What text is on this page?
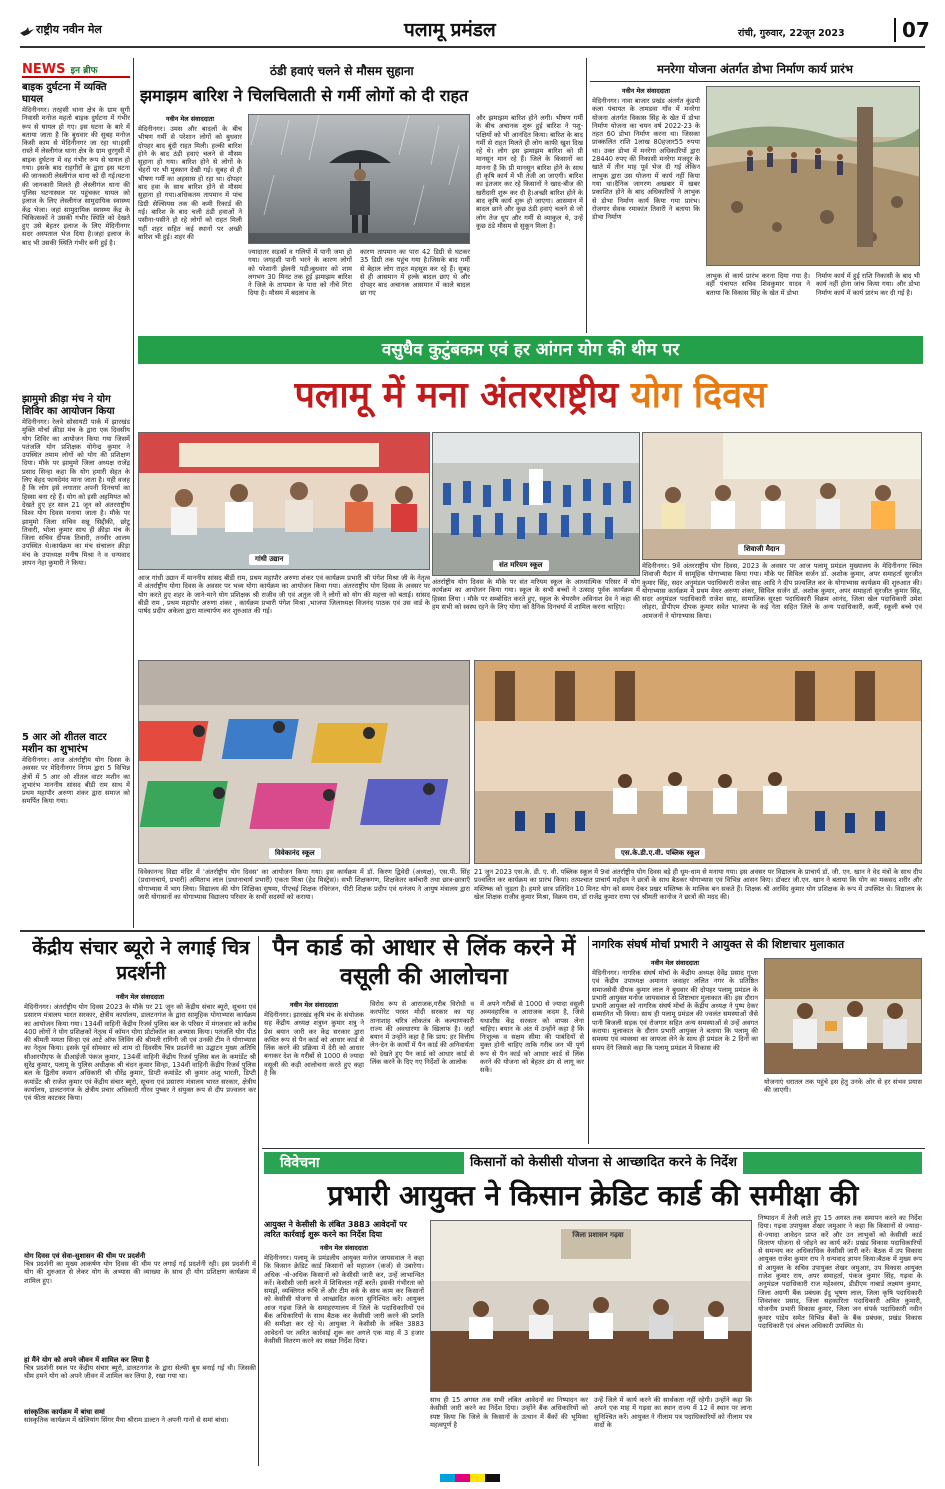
राष्ट्रीय नवीन मेल	पलामू प्रमंडल	रांची, गुरुवार, 22जून 2023	07
NEWS इन ब्रीफ
बाइक दुर्घटना में व्यक्ति घायल
मेदिनीनगर। तरहसी थाना क्षेत्र के ग्राम सुगी निवासी मनोज महतो बाइक दुर्घटना में गंभीर रूप से घायल हो गए। इस घटना के बारे में बताया जाता है कि बुधवार की सुबह मनोज किसी काम से मेदिनीनगर जा रहा था।इसी रास्ते में लेस्लीगंज थाना क्षेत्र के ग्राम धुरगुसी में बाइक दुर्घटना में वह गंभीर रूप से घायल हो गया। इसके बाद राहगीरों के द्वारा इस घटना की जानकारी लेस्लीगंज थाना को दी गई।घटना की जानकारी मिलते ही लेस्लीगंज थाना की पुलिस घटनास्थल पर पहुंचकर घायल को इलाज के लिए लेस्लीगंज सामुदायिक स्वास्थ्य केंद्र भेजा। जहां सामुदायिक स्वास्थ्य केंद्र के चिकित्सकों ने उसकी गंभीर स्थिति को देखते हुए उसे बेहतर इलाज के लिए मेदिनीनगर सदर अस्पताल भेज दिया है।जहां इलाज के बाद भी उसकी स्थिति गंभीर बनी हुई है।
झामुमो क्रीड़ा मंच ने योग शिविर का आयोजन किया
मेदिनीनगर। रेलवे सोसायटी पार्क में झारखंड मुक्ति मोर्चा क्रीड़ा मंच के द्वारा एक दिवसीय योग शिविर का आयोजन किया गया जिसमें पतंजलि योग प्रशिक्षक योगेन्द्र कुमार ने उपस्थित तमाम लोगों को योग की प्रशिक्षण दिया। मौके पर झामुमो जिला अध्यक्ष राजेंद्र प्रसाद सिन्हा कहा कि योग हमारी सेहत के लिए बेहद फायदेमंद माना जाता है। यही वजह है कि लोग इसे लगातार अपनी दिनचर्या का हिस्सा बना रहे हैं। योग को इसी अहमियत को देखते हुए हर साल 21 जून को अंतरराष्ट्रीय विश्व योग दिवस मनाया जाता है। मौके पर झामुमो जिला सचिव सन्नू सिद्दीकी, छोटू तिवारी, भोला कुमार साथ ही क्रीड़ा मंच के जिला सचिव दीपक तिवारी, तनवीर आलम उपस्थित थे।कार्यक्रम का मंच संचालन क्रीड़ा मंच के उपाध्यक्ष मनीष मिश्रा ने व धन्यवाद ज्ञापन नेहा कुमारी ने किया।
5 आर ओ शीतल वाटर मशीन का शुभारंभ
मेदिनीनगर। आज अंतर्राष्ट्रीय योग दिवस के अवसर पर मेदिनीनगर निगम द्वारा 5 विभिन्न क्षेत्रों में 5 आर ओ शीतल वाटर मशीन का शुभारंभ माननीय सांसद बीडी राम साथ में प्रथम महापौर अरुणा शंकर द्वारा समाज को समर्पित किया गया।
ठंडी हवाएं चलने से मौसम सुहाना
झमाझम बारिश ने चिलचिलाती से गर्मी लोगों को दी राहत
नवीन मेल संवाददाता
मेदिनीनगर। उमस और बादलों के बीच भीषण गर्मी से परेशान लोगों को बुधवार दोपहर बाद बूंदी राहत मिली। हल्की बारिश होने के बाद ठंडी हवाएं चलने से मौसम सुहाना हो गया। बारिश होने से लोगों के चेहरों पर भी मुस्कान देखी गई। सुबह से ही भीषण गर्मी का अहसास हो रहा था। दोपहर बाद हवा के साथ बारिश होने से मौसम सुहाना हो गया।अधिकतम तापमान में पांच डिग्री सेल्सियस तक की कमी रिकार्ड की गई। बारिश के बाद चली ठंडी हवाओं ने पसीना-पसीने हो रहे लोगों को राहत मिली यहीं शहर सहित कई स्थानों पर अच्छी बारिश भी हुई। शहर की
ज्यादातर सड़कों व गलियों में पानी जमा हो गया। जगहशी पानी भरने के कारण लोगों को परेशानी झेलनी पड़ी।बुधवार को शाम लगभग 30 मिनट तक हुई झमाझम बारिश ने जिले के तापमान के पारा को नीचे गिरा दिया है। मौसम में बदलाव के
कारण तापमान का पारा 42 डिग्री से घटकर 35 डिग्री तक पहुंच गया है।जिसके बाद गर्मी से बेहाल लोग राहत महसूस कर रहे हैं। सुबह से ही आसमान में हल्के बादल छाए थे और दोपहर बाद अचानक आसमान में काले बादल छा गए
और झमाझम बारिश होने लगी। भीषण गर्मी के बीच अचानक शुरू हुई बारिश ने पशु-पक्षियों को भी आनंदित किया। बारिश के बाद गर्मी से राहत मिलते ही लोग काफी खुश दिख रहे थे। लोग इस झमाझम बारिश को प्री मानसून मान रहे हैं। जिले के किसानों का मानना है कि प्री मानसून बारिश होने के साथ ही कृषि कार्य में भी तेजी आ जाएगी। बारिश का इंतजार कर रहे किसानों ने खाद-बीज की खरीदारी शुरू कर दी है।अच्छी बारिश होने के बाद कृषि कार्य शुरू हो जाएगा। आसमान में बादल छाने और कुछ ठंडी हवाएं चलने से जो लोग तेज धूप और गर्मी से व्याकुल थे, उन्हें कुछ ठंडे मौसम से सुकून मिला है।
मनरेगा योजना अंतर्गत डोभा निर्माण कार्य प्रारंभ
नवीन मेल संवाददाता
मेदिनीनगर। नावा बाजार प्रखंड अंतर्गत कुंडपी कला पंचायत के तामडवा गाँव में मनरेगा योजना अंतर्गत विकास सिंह के खेत में डोभा निर्माण योजना का चयन वर्ष 2022-23 के तहत 60 डोभा निर्माण करना था। जिसका प्राक्कलित राशि 1लाख 80हजार55 रुपया था। उक्त डोभा में मनरेगा अधिकारियों द्वारा 28440 रुपए की निकासी मनरेगा मजदूर के खाते में तीन माह पूर्व भेज दी गई लेकिन लाभुक द्वारा उस योजना में कार्य नहीं किया गया था।दैनिक जागरण अखबार में खबर प्रकाशित होने के बाद अधिकारियों ने लाभुक से डोभा निर्माण कार्य किया गया प्रारंभ। रोजगार सेवक रमाकांत तिवारी ने बताया कि डोभा निर्माण
लाभुक से कार्य प्रारंभ करना दिया गया है। वहीं पंचायत सचिव शिवकुमार यादव ने बताया कि विकास सिंह के खेत में डोभा
निर्माण कार्य में हुई राशि निकासी के बाद भी कार्य नहीं होना जांच किया गया। और डोभा निर्माण कार्य में कार्य प्रारंभ कर दी गई है।
वसुधैव कुटुंबकम एवं हर आंगन योग की थीम पर
पलामू में मना अंतरराष्ट्रीय योग दिवस
गांधी उद्यान
संत मरियम स्कूल
शिवाजी मैदान
आज गांधी उद्यान में माननीय सांसद बीडी राम, प्रथम महापौर अरुणा शंकर एवं कार्यक्रम प्रभारी श्री पंगेश मिश्रा जी के नेतृत्व में अंतर्राष्ट्रीय योगा दिवस के अवसर पर भव्य योगा कार्यक्रम का आयोजन किया गया। अंतरराष्ट्रीय योग दिवस के अवसर पर योग करते हुए शहर के जाने-माने योग प्रशिक्षक श्री राजीव जी एवं अतुल जी ने लोगों को योग की महत्ता को बताई। सांसद बीडी राम , प्रथम महापौर अरुणा शंकर , कार्यक्रम प्रभारी पंगेश मिश्रा ,भाजपा जिलाध्यक्ष विजनंद पाठक एवं उस वार्ड के पार्षद प्रदीप अकेला द्वारा माल्यार्पण कर शुरुआत की गई।
अंतर्राष्ट्रीय योग दिवस के मौके पर संत मरियम स्कूल के आध्यात्मिक परिसर में योग कार्यक्रम का आयोजन किया गया। स्कूल के सभी बच्चों ने उत्साह पूर्वक कार्यक्रम में हिस्सा लिया । मौके पर सम्बोधित करते हुए, स्कूल के चेयरमैन अविनाश देव ने कहा की हम सभी को स्वस्थ रहने के लिए योगा को दैनिक दिनचर्या में शामिल करना चाहिए।
मेदिनीनगर। 9वें अंतरराष्ट्रीय योग दिवस, 2023 के अवसर पर आज पलामू प्रमंडल मुख्यालय के मेदिनीनगर स्थित शिवाजी मैदान में सामूहिक योगाभ्यास किया गया। मौके पर सिविल सर्जन डॉ. अशोक कुमार, अपर समाहर्ता सुरजीत कुमार सिंह, सदर अनुमंडल पदाधिकारी राजेश साह आदि ने दीप प्रज्वलित कर के योगाभ्यास कार्यक्रम की शुरुआत की। योगाभ्यास कार्यक्रम में प्रथम मेयर अरुणा शंकर, सिविल सर्जन डॉ. अशोक कुमार, अपर समाहर्ता सुरजीत कुमार सिंह, सदर अनुमंडल पदाधिकारी राजेश साह, सामाजिक सुरक्षा पदाधिकारी विक्रम आनंद, जिला खेल पदाधिकारी उमेश लोहरा, डीपीएम दीपक कुमार सवेत भाजपा के कई नेता सहित जिले के अन्य पदाधिकारी, कर्मी, स्कूली बच्चे एवं आमजनों ने योगाभ्यास किया।
विवेकानंद स्कूल	एस.के.डी.ए.वी. पब्लिक स्कूल
विवेकानन्द विद्या मंदिर में 'अंतर्राष्ट्रीय योग दिवस' का आयोजन किया गया। इस कार्यक्रम में डॉ. किरण द्विवेदी (अध्यक्ष), एस.पी. सिंह (प्रधानाचार्य, प्रभारी) अमिताभ लाल (प्रधानाचार्य प्रभारी) एकता मिश्रा (हेड मिस्ट्रेस)। सभी शिक्षकगण, शिक्षकेतर कर्मचारी तथा छात्र-छात्राएँ योगाभ्यास में भाग लिया। विद्यालय की योग शिक्षिका सुषमा, पीएचई शिक्षक रविरंजन, पीटी शिक्षक प्रदीप एवं धनंजय ने आयुष मंत्रालय द्वारा जारी योगासनों का योगाभ्यास विद्यालय परिवार के सभी सदस्यों को कराया।
21 जून 2023 एस.के. डी. ए. वी. पब्लिक स्कूल में 9वां अंतर्राष्ट्रीय योग दिवस बड़े ही धूम-धाम से मनाया गया। इस अवसर पर विद्यालय के प्राचार्य डॉ. जी. एन. खान ने वेद मंत्रों के साथ दीप प्रज्वलित कर कार्यक्रम का प्रारंभ किया। तत्पश्चात प्राचार्य महोदय ने छात्रों के साथ बैठकर योगाभ्यास एवं विभिन्न आसन किए। डॉक्टर जी.एन. खान ने बताया कि योग का मकसद शरीर और मस्तिष्क को जुड़ता है। हमारे छात्र प्रतिदिन 10 मिनट योग को समय देकर प्रखर मस्तिष्क के मालिक बन सकते हैं। शिक्षक श्री अरविंद कुमार योग प्रशिक्षक के रूप में उपस्थित थे। विद्यालय के खेल शिक्षक राजीव कुमार मिश्रा, विक्रम राम, डॉ राजेंद्र कुमार राणा एवं श्रीमती कानोज ने छात्रों की मदद की।
केंद्रीय संचार ब्यूरो ने लगाई चित्र प्रदर्शनी
नवीन मेल संवाददाता
मेदिनीनगर। अंतर्राष्ट्रीय योग दिवस 2023 के मौके पर 21 जून को केंद्रीय संचार ब्यूरो, सूचना एवं प्रसारण मंत्रालय भारत सरकार, क्षेत्रीय कार्यालय, डालटनगंज के द्वारा सामूहिक योगाभ्यास कार्यक्रम का आयोजन किया गया। 134वीं वाहिनी केंद्रीय रिजर्व पुलिस बल के परिसर में मंगलवार को करीब 400 लोगों ने योग प्रशिक्षकों नेतृत्व में कॉमन योगा प्रोटोकॉल का अभ्यास किया। पतंजलि योग पीठ की श्रीमती ममता सिन्हा एवं आर्ट ऑफ लिविंग की श्रीमती रागिनी जी एवं उनकी टीम ने योगाभ्यास का नेतृत्व किया। इसके पूर्व सोमवार को शाम दो दिवसीय चित्र प्रदर्शनी का उद्घाटन मुख्य अतिथि सीआरपीएफ के डीआईजी पंकज कुमार, 134वीं वाहिनी केंद्रीय रिजर्व पुलिस बल के कमांडेंट श्री सुरेंद्र कुमार, पलामू के पुलिस अधीक्षक श्री चंदन कुमार सिन्हा, 134वीं वाहिनी केंद्रीय रिजर्व पुलिस बल के द्वितीय कमान अधिकारी श्री धीरेंद्र कुमार, डिप्टी कमांडेंट श्री कुमार अंशु भारती, डिप्टी कमांडेंट श्री राजेश कुमार एवं केंद्रीय संचार ब्यूरो, सूचना एवं प्रसारण मंत्रालय भारत सरकार, क्षेत्रीय कार्यालय, डालटनगंज के क्षेत्रीय प्रचार अधिकारी गौरव पुष्कर ने संयुक्त रूप से दीप प्रज्वलन कर एवं फीता काटकर किया।
योग दिवस एवं सेवा-सुशासन की थीम पर प्रदर्शनी
चित्र प्रदर्शनी का मुख्य आकर्षण योग दिवस की थीम पर लगाई गई प्रदर्शनी रही। इस प्रदर्शनी में योग की शुरुआत से लेकर योग के अभ्यास की व्याख्या के साथ ही योग प्रशिक्षण कार्यक्रम में शामिल हुए।
हां मैंने योग को अपने जीवन में शामिल कर लिया है
चित्र प्रदर्शनी स्थल पर केंद्रीय संचार ब्यूरो, डालटनगंज के द्वारा सेल्फी बूथ बनाई गई थी। जिसकी थीम हमने योग को अपने जीवन में शामिल कर लिया है, रखा गया था।
सांस्कृतिक कार्यक्रम में बांधा समां
सांस्कृतिक कार्यक्रम में खेलियांग सिंगर मैया श्रीराम डाल्टन ने अपनी गानों से समां बांधा।
पैन कार्ड को आधार से लिंक करने में वसूली की आलोचना
नवीन मेल संवाददाता
मेदिनीनगर। झारखंड कृषि मंच के संयोजक सह केंद्रीय अध्यक्ष शत्रुघ्न कुमार शत्रु ने प्रेस बयान जारी कर केंद्र सरकार द्वारा कथित रूप से पैन कार्ड को आधार कार्ड से लिंक करने की प्रक्रिया में देरी को आधार बनाकर देश के गरीबों से 1000 से ज्यादा वसूली की कड़ी आलोचना करते हुए कहा है कि
विरोध रूप से आराजक,गरीब विरोधी व करपोरेट परस्त मोदी सरकार का यह तानाशाह चरित्र लोकतंत्र के कल्याणकारी राज्य की अवधारणा के खिलाफ है। जहाँ बयान में उन्होंने कहा है कि प्राय: हर वित्तीय लेन-देन के कार्यों में पैन कार्ड की अनिवार्यता को देखते हुए पैन कार्ड को आधार कार्ड से लिंक करने के दिए गए निर्देशों के आलोक
में अपने गरीबों से 1000 से ज्यादा वसूली अव्यवहारिक व आराजक कदम है, जिसे यथाशीघ्र केंद्र सरकार को वापस लेना चाहिए। बयान के अंत में उन्होंने कहा है कि निःशुल्क व सक्षम सीमा की पाबंदियों से मुक्त होनी चाहिए ताकि गरीब जन भी पूर्ण रूप से पैन कार्ड को आधार कार्ड से लिंक करने की योजना को बेहतर ढंग से लागू कर सकें।
नागरिक संघर्ष मोर्चा प्रभारी ने आयुक्त से की शिष्टाचार मुलाकात
नवीन मेल संवाददाता
मेदिनीनगर। नागरिक संघर्ष मोर्चा के केंद्रीय अध्यक्ष देवेंद्र प्रसाद गुप्ता एवं केंद्रीय उपाध्यक्ष अमानत जवाहर ललित नगर के प्रतिष्ठित समाजसेवी दीपक कुमार लाल ने बुधवार की दोपहर पलामू प्रमंडल के प्रभारी आयुक्त मनोज जायसवाल से शिष्टाचार मुलाकात की। इस दौरान प्रभारी आयुक्त को नागरिक संघर्ष मोर्चा के केंद्रीय अध्यक्ष ने पुष्प देकर सम्मानित भी किया। साथ ही पलामू प्रमंडल की ज्वलंत समस्याओं जैसे पानी बिजली सड़क एवं रोजगार सहित अन्य समस्याओं से उन्हें अवगत कराया। मुलाकात के दौरान प्रभारी आयुक्त ने बताया कि पलामू की समस्या एवं व्यवस्था का जायजा लेने के साथ ही प्रमंडल के 2 दिनों का समय देंगे जिससे कहा कि पलामू प्रमंडल में विकास की
योजनाएं धरातल तक पहुंचे इस हेतु उनके ओर से हर संभव प्रयास की जाएगी।
विवेचना	किसानों को केसीसी योजना से आच्छादित करने के निर्देश
प्रभारी आयुक्त ने किसान क्रेडिट कार्ड की समीक्षा की
आयुक्त ने केसीसी के लंबित 3883 आवेदनों पर त्वरित कार्रवाई शुरू करने का निर्देश दिया
नवीन मेल संवाददाता
मेदिनीनगर। पलामू के प्रमंडलीय आयुक्त मनोज जायसवाल ने कहा कि किसान क्रेडिट कार्ड किसानों को महाजन (कर्ज) से उबारेगा। अधिक -से-अधिक किसानों को केसीसी जारी कर, उन्हें लाभान्वित करें। केसीसी जारी करने में शिथिलता नहीं बरतें। इसकी गंभीरता को समझें, व्यक्तिगत रूचि लें और टीम वर्क के साथ काम कर किसानों को केसीसी योजना से आच्छादित करना सुनिश्चित करें। आयुक्त आज गढ़वा जिले के समाहरणालय में जिले के पदाधिकारियों एवं बैंक अधिकारियों के साथ बैठक कर केसीसी जारी करने की प्रगति की समीक्षा कर रहे थे। आयुक्त ने केसीसी के लंबित 3883 आवेदनों पर त्वरित कार्रवाई शुरू कर अगले एक माह में 3 हजार केसीसी वितरण करने का सख्त निर्देश दिया।
जिला प्रशासन गढ़वा
साथ ही 15 अगस्त तक सभी लंबित आवेदनों का निष्पादन कर केसीसी जारी करने का निर्देश दिया। उन्होंने बैंक अधिकारियों को स्पष्ट किया कि जिले के किसानों के उत्थान में बैंकों की भूमिका महत्वपूर्ण है
उन्हें जिले में कार्य करने की सार्थकता नहीं रहेगी। उन्होंने कहा कि अपने एक माह में गढ़वा का स्थान राज्य में 12 वें स्थान पर लाना सुनिश्चित करें। आयुक्त ने नीलाम पत्र पदाधिकारियों को नीलाम पत्र वादों के
निष्पादन में तेजी लाते हुए 15 अगस्त तक समापन करने का निर्देश दिया। गढ़वा उपायुक्त शेखर जमुआर ने कहा कि किसानों से ज्यादा-से-ज्यादा आवेदन प्राप्त करें और उन लाभुकों को केसीसी कार्ड वितरण योजना से जोड़ने का कार्य करें। प्रखंड विकास पदाधिकारियों से समन्वय कर अधिकाधिक केसीसी जारी करें। बैठक में उप विकास आयुक्त राजेश कुमार राय ने धन्यवाद ज्ञापन किया।बैठक में मुख्य रूप से आयुक्त के सचिव उपायुक्त शेखर जमुआर, उप विकास आयुक्त राजेश कुमार राय, अपर समाहर्ता, पंकज कुमार सिंह, गढ़वा के अनुमंडल पदाधिकारी राज महेश्वरम, डीडीएम नाबार्ड लक्ष्मण कुमार, जिला अग्रणी बैंक प्रबंधक ईंदु भूषण लाल, जिला कृषि पदाधिकारी शिवशंकर प्रसाद, जिला सहकारिता पदाधिकारी अमित कुमारी, योजनीय प्रभारी विकास कुमार, जिला जन संपर्क पदाधिकारी नवीन कुमार पांडेय समेत विभिन्न बैंकों के बैंक प्रबंधक, प्रखंड विकास पदाधिकारी एवं अंचल अधिकारी उपस्थित थे।
